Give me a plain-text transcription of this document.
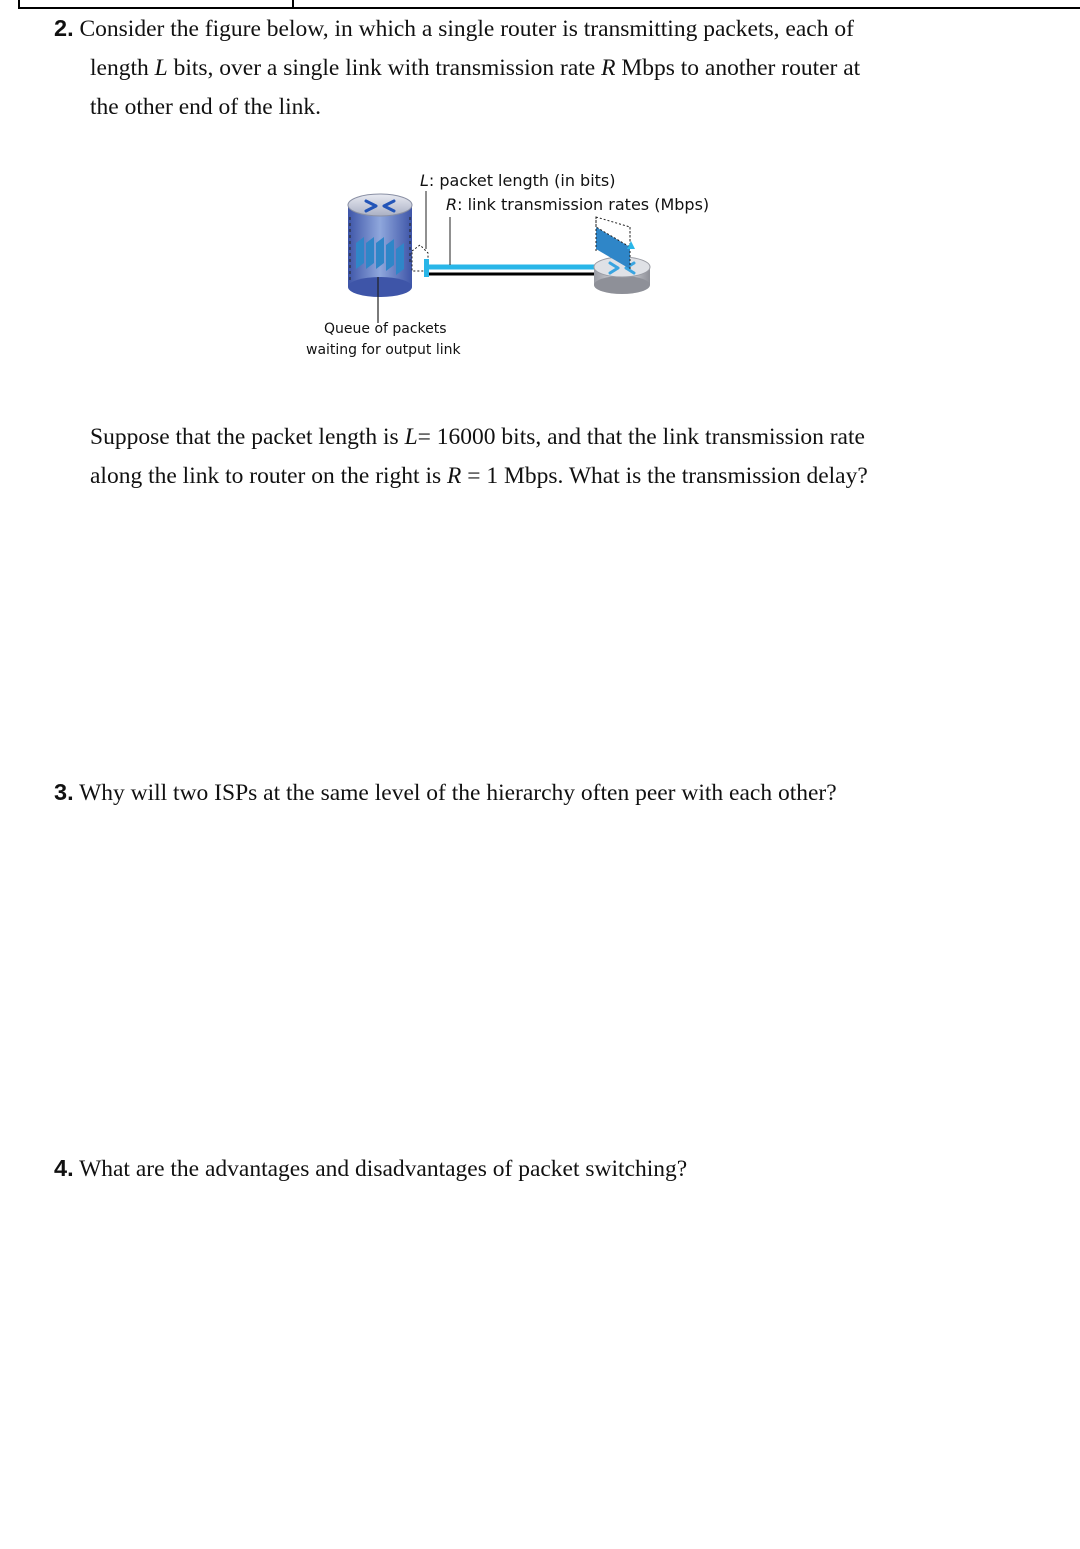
2. Consider the figure below, in which a single router is transmitting packets, each of
length L bits, over a single link with transmission rate R Mbps to another router at
the other end of the link.
L: packet length (in bits)
R: link transmission rates (Mbps)
Queue of packets
waiting for output link
Suppose that the packet length is L= 16000 bits, and that the link transmission rate
along the link to router on the right is R = 1 Mbps. What is the transmission delay?
3. Why will two ISPs at the same level of the hierarchy often peer with each other?
4. What are the advantages and disadvantages of packet switching?
